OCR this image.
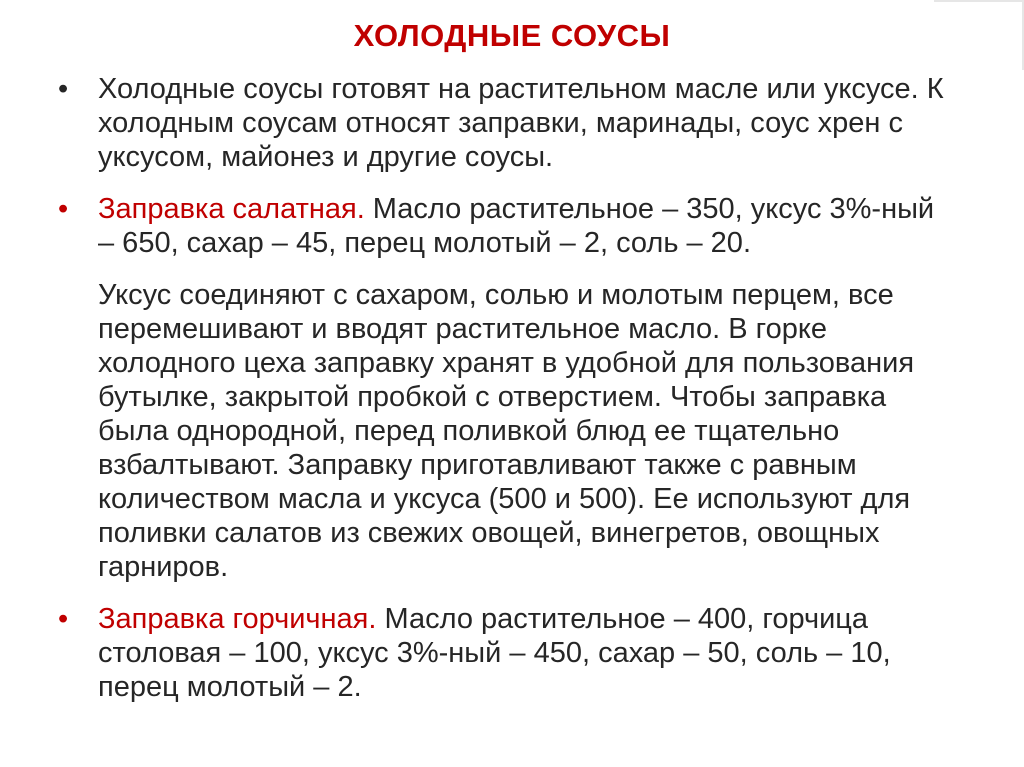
ХОЛОДНЫЕ СОУСЫ
•	Холодные соусы готовят на растительном масле или уксусе. К холодным соусам относят заправки, маринады, соус хрен с уксусом, майонез и другие соусы.
•	Заправка салатная. Масло растительное – 350, уксус 3%-ный – 650, сахар – 45, перец молотый – 2, соль – 20.
Уксус соединяют с сахаром, солью и молотым перцем, все перемешивают и вводят растительное масло. В горке холодного цеха заправку хранят в удобной для пользования бутылке, закрытой пробкой с отверстием. Чтобы заправка была однородной, перед поливкой блюд ее тщательно взбалтывают. Заправку приготавливают также с равным количеством масла и уксуса (500 и 500). Ее используют для поливки салатов из свежих овощей, винегретов, овощных гарниров.
•	Заправка горчичная. Масло растительное – 400, горчица столовая – 100, уксус 3%-ный – 450, сахар – 50, соль – 10, перец молотый – 2.
